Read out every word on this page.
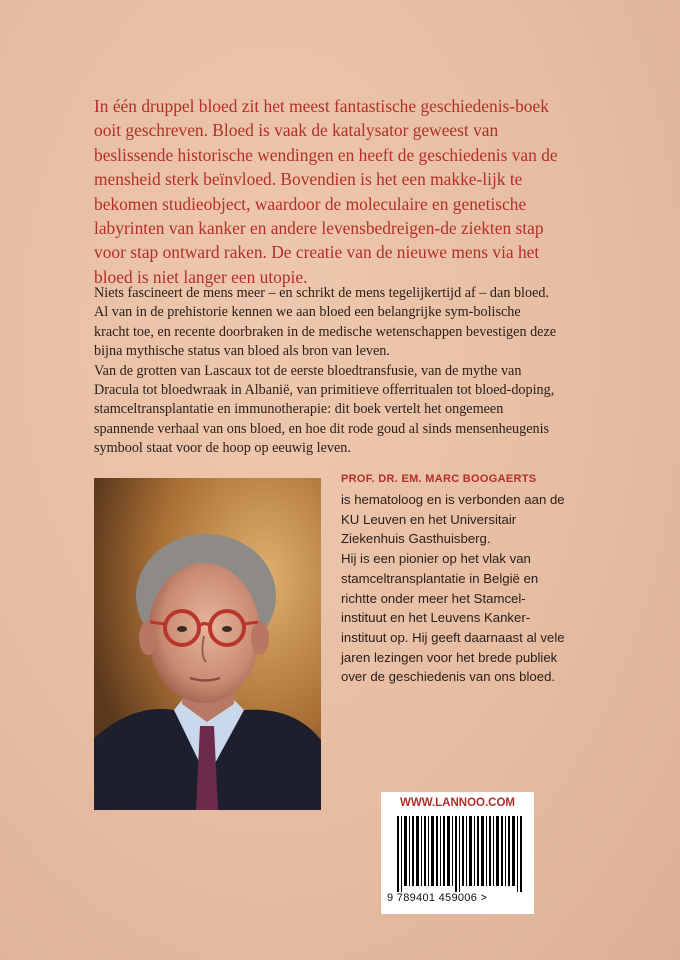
In één druppel bloed zit het meest fantastische geschiedenis-boek ooit geschreven. Bloed is vaak de katalysator geweest van beslissende historische wendingen en heeft de geschiedenis van de mensheid sterk beïnvloed. Bovendien is het een makke-lijk te bekomen studieobject, waardoor de moleculaire en genetische labyrinten van kanker en andere levensbedreigen-de ziekten stap voor stap ontward raken. De creatie van de nieuwe mens via het bloed is niet langer een utopie.

Niets fascineert de mens meer – en schrikt de mens tegelijkertijd af – dan bloed. Al van in de prehistorie kennen we aan bloed een belangrijke sym-bolische kracht toe, en recente doorbraken in de medische wetenschappen bevestigen deze bijna mythische status van bloed als bron van leven.

Van de grotten van Lascaux tot de eerste bloedtransfusie, van de mythe van Dracula tot bloedwraak in Albanië, van primitieve offerritualen tot bloed-doping, stamceltransplantatie en immunotherapie: dit boek vertelt het ongemeen spannende verhaal van ons bloed, en hoe dit rode goud al sinds mensenheugenis symbool staat voor de hoop op eeuwig leven.

PROF. DR. EM. MARC BOOGAERTS

is hematoloog en is verbonden aan de KU Leuven en het Universitair Ziekenhuis Gasthuisberg.

Hij is een pionier op het vlak van stamceltransplantatie in België en richtte onder meer het Stamcel-instituut en het Leuvens Kanker-instituut op. Hij geeft daarnaast al vele jaren lezingen voor het brede publiek over de geschiedenis van ons bloed.

WWW.LANNOO.COM
9 789401 459006 >
